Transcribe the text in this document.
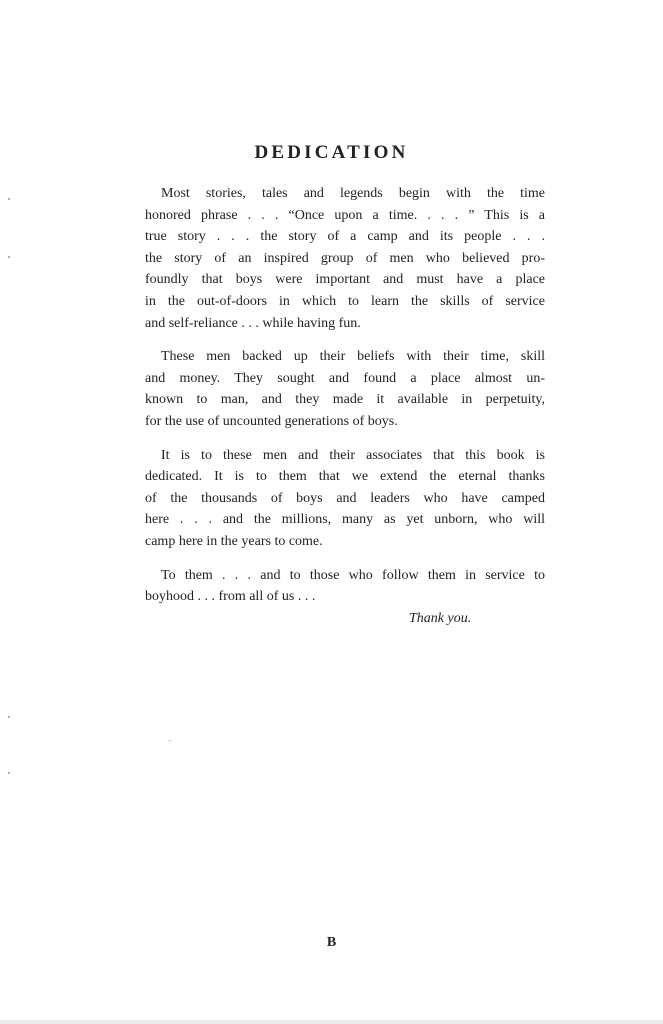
DEDICATION
Most stories, tales and legends begin with the time
honored phrase . . . “Once upon a time. . . . ” This is a
true story . . . the story of a camp and its people . . .
the story of an inspired group of men who believed pro-
foundly that boys were important and must have a place
in the out-of-doors in which to learn the skills of service
and self-reliance . . . while having fun.
These men backed up their beliefs with their time, skill
and money. They sought and found a place almost un-
known to man, and they made it available in perpetuity,
for the use of uncounted generations of boys.
It is to these men and their associates that this book is
dedicated. It is to them that we extend the eternal thanks
of the thousands of boys and leaders who have camped
here . . . and the millions, many as yet unborn, who will
camp here in the years to come.
To them . . . and to those who follow them in service to
boyhood . . . from all of us . . .
Thank you.
B
